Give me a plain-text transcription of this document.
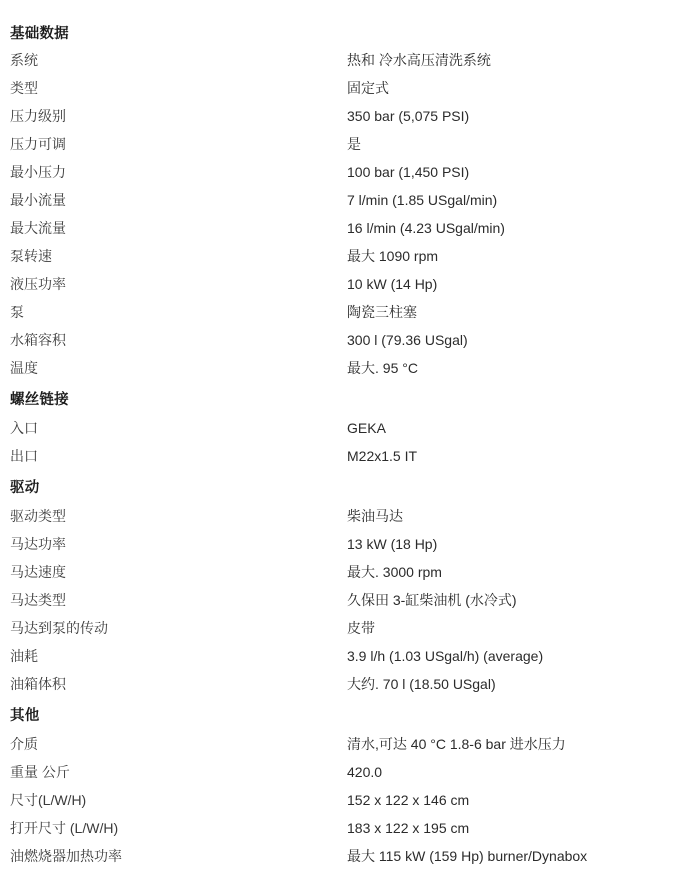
基础数据	
系统	热和 冷水高压清洗系统
类型	固定式
压力级别	350 bar (5,075 PSI)
压力可调	是
最小压力	100 bar (1,450 PSI)
最小流量	7 l/min (1.85 USgal/min)
最大流量	16 l/min (4.23 USgal/min)
泵转速	最大 1090 rpm
液压功率	10 kW (14 Hp)
泵	陶瓷三柱塞
水箱容积	300 l (79.36 USgal)
温度	最大. 95 °C
螺丝链接	
入口	GEKA
出口	M22x1.5 IT
驱动	
驱动类型	柴油马达
马达功率	13 kW (18 Hp)
马达速度	最大. 3000 rpm
马达类型	久保田 3-缸柴油机 (水冷式)
马达到泵的传动	皮带
油耗	3.9 l/h (1.03 USgal/h) (average)
油箱体积	大约. 70 l (18.50 USgal)
其他	
介质	清水,可达 40 °C 1.8-6 bar 进水压力
重量 公斤	420.0
尺寸(L/W/H)	152 x 122 x 146 cm
打开尺寸 (L/W/H)	183 x 122 x 195 cm
油燃烧器加热功率	最大 115 kW (159 Hp) burner/Dynabox
